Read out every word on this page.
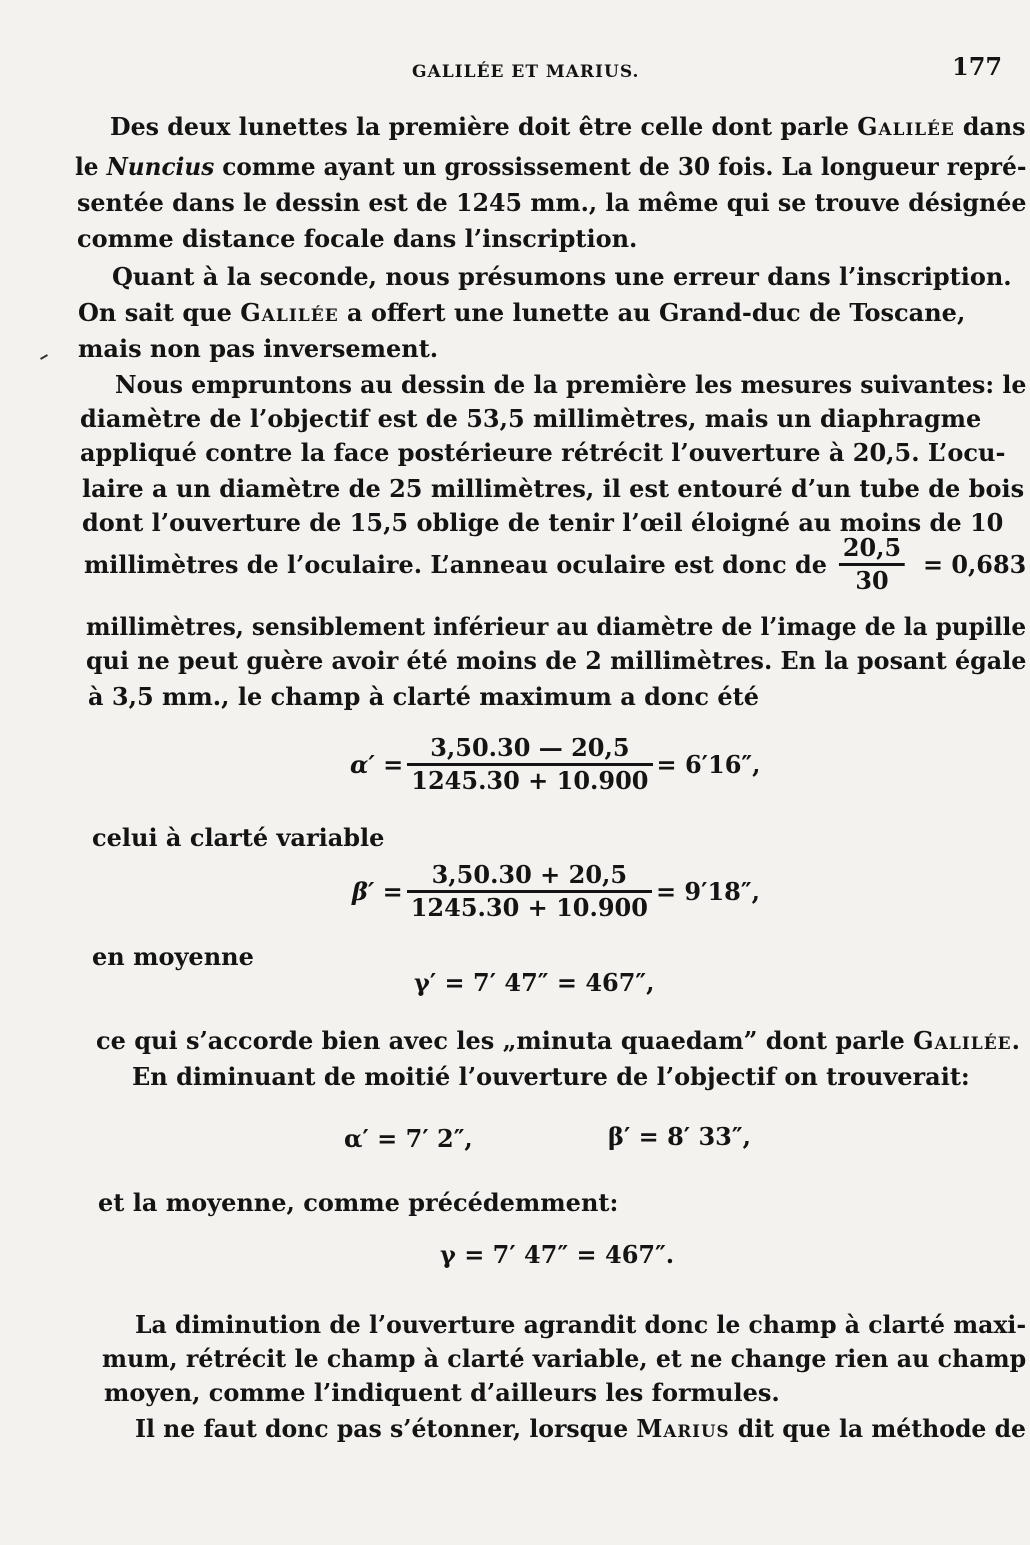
GALILÉE ET MARIUS.	177
Des deux lunettes la première doit être celle dont parle Galilée dans
le Nuncius comme ayant un grossissement de 30 fois. La longueur repré-
sentée dans le dessin est de 1245 mm., la même qui se trouve désignée
comme distance focale dans l’inscription.
Quant à la seconde, nous présumons une erreur dans l’inscription.
On sait que Galilée a offert une lunette au Grand-duc de Toscane,
mais non pas inversement.
Nous empruntons au dessin de la première les mesures suivantes: le
diamètre de l’objectif est de 53,5 millimètres, mais un diaphragme
appliqué contre la face postérieure rétrécit l’ouverture à 20,5. L’ocu-
laire a un diamètre de 25 millimètres, il est entouré d’un tube de bois
dont l’ouverture de 15,5 oblige de tenir l’œil éloigné au moins de 10
millimètres de l’oculaire. L’anneau oculaire est donc de $\frac{20,5}{30} = 0,683$
millimètres, sensiblement inférieur au diamètre de l’image de la pupille
qui ne peut guère avoir été moins de 2 millimètres. En la posant égale
à 3,5 mm., le champ à clarté maximum a donc été
$\alpha' = \frac{3,50.30 — 20,5}{1245.30 + 10.900} = 6'16''$,
celui à clarté variable
$\beta' = \frac{3,50.30 + 20,5}{1245.30 + 10.900} = 9'18''$,
en moyenne
γ′ = 7′ 47″ = 467″,
ce qui s’accorde bien avec les „minuta quaedam” dont parle Galilée.
En diminuant de moitié l’ouverture de l’objectif on trouverait:
α′ = 7′ 2″,	β′ = 8′ 33″,
et la moyenne, comme précédemment:
γ = 7′ 47″ = 467″.
La diminution de l’ouverture agrandit donc le champ à clarté maxi-
mum, rétrécit le champ à clarté variable, et ne change rien au champ
moyen, comme l’indiquent d’ailleurs les formules.
Il ne faut donc pas s’étonner, lorsque Marius dit que la méthode de
